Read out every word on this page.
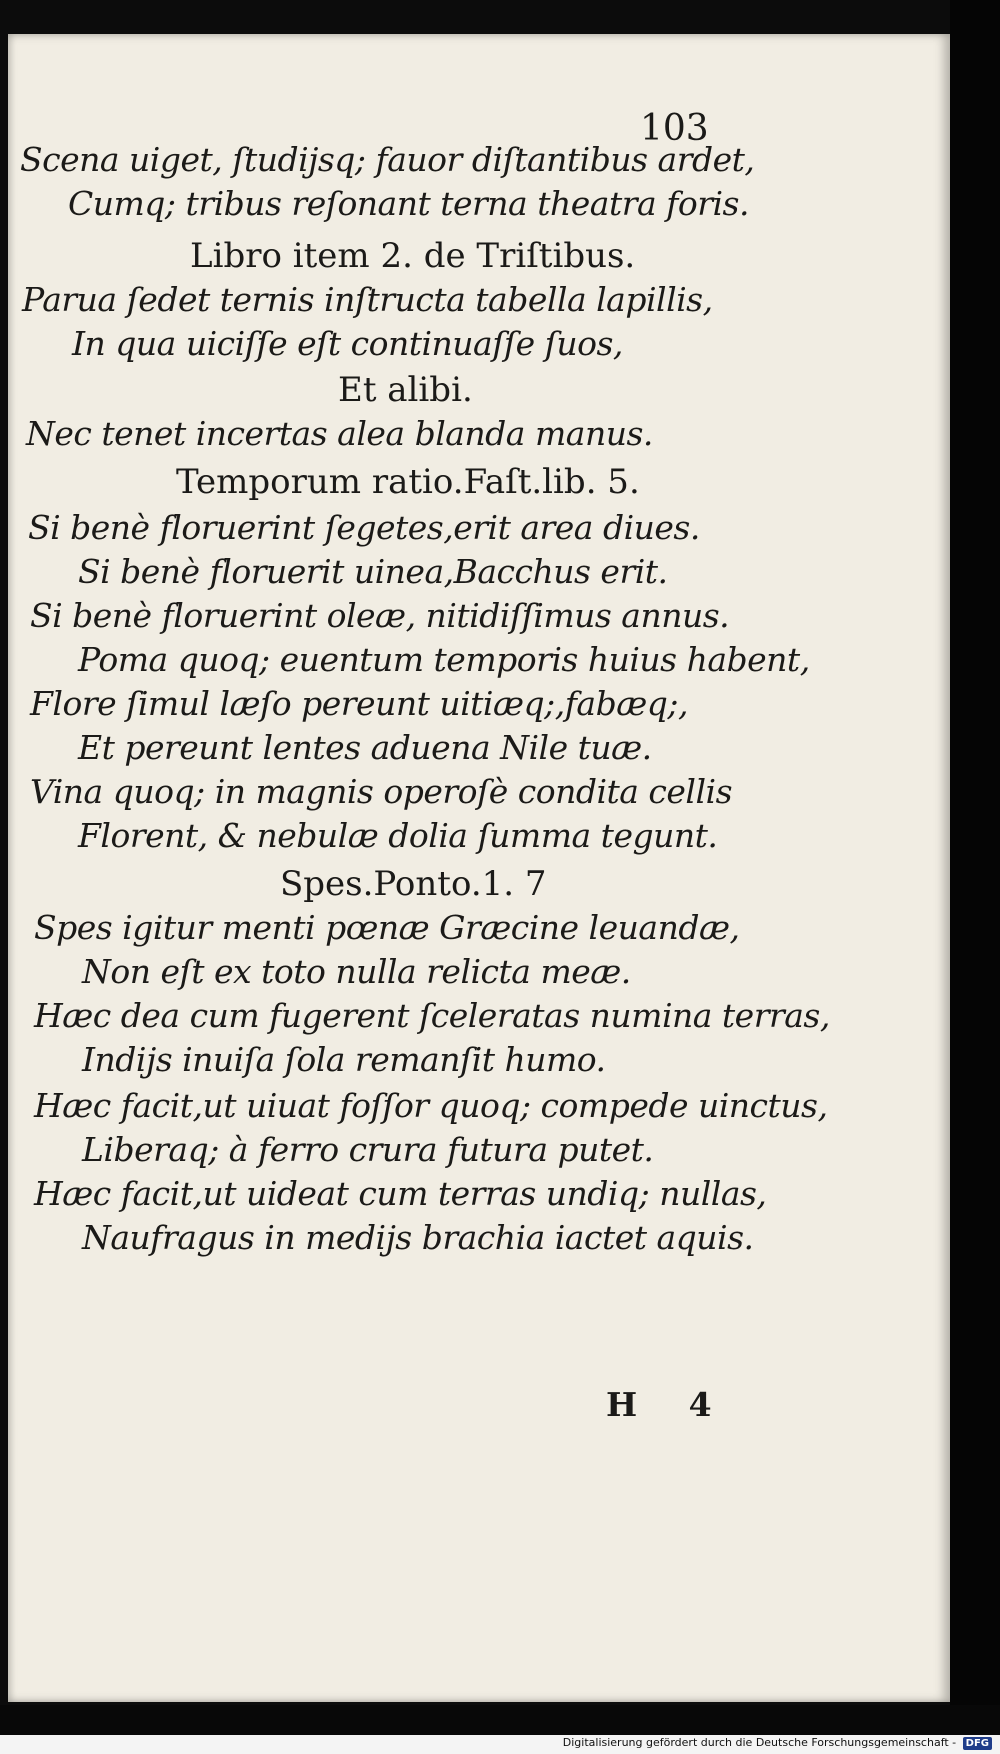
103
Scena uiget, ſtudijsq; fauor diſtantibus ardet,
Cumq; tribus reſonant terna theatra foris.
Libro item 2. de Triſtibus.
Parua ſedet ternis inſtructa tabella lapillis,
In qua uiciſſe eſt continuaſſe ſuos,
Et alibi.
Nec tenet incertas alea blanda manus.
Temporum ratio.Faſt.lib. 5.
Si benè floruerint ſegetes,erit area diues.
Si benè floruerit uinea,Bacchus erit.
Si benè floruerint oleæ, nitidiſſimus annus.
Poma quoq; euentum temporis huius habent,
Flore ſimul læſo pereunt uitiæq;,fabæq;,
Et pereunt lentes aduena Nile tuæ.
Vina quoq; in magnis operoſè condita cellis
Florent, & nebulæ dolia ſumma tegunt.
Spes.Ponto.1. 7
Spes igitur menti pœnæ Græcine leuandæ,
Non eſt ex toto nulla relicta meæ.
Hæc dea cum fugerent ſceleratas numina terras,
Indijs inuiſa ſola remanſit humo.
Hæc facit,ut uiuat foſſor quoq; compede uinctus,
Liberaq; à ferro crura futura putet.
Hæc facit,ut uideat cum terras undiq; nullas,
Naufragus in medijs brachia iactet aquis.
H 4
Digitalisierung gefördert durch die Deutsche Forschungsgemeinschaft - DFG
